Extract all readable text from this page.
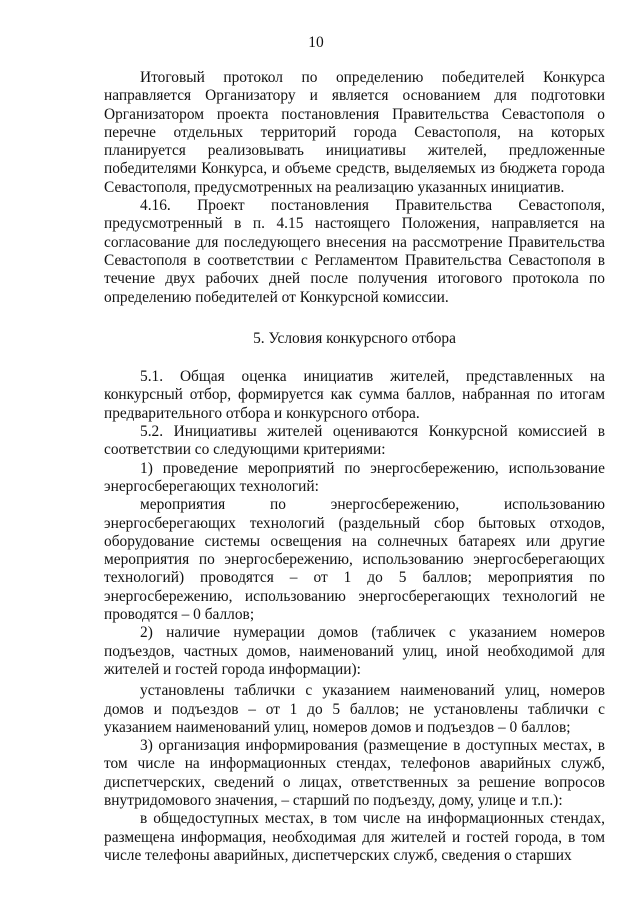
10

Итоговый протокол по определению победителей Конкурса направляется Организатору и является основанием для подготовки Организатором проекта постановления Правительства Севастополя о перечне отдельных территорий города Севастополя, на которых планируется реализовывать инициативы жителей, предложенные победителями Конкурса, и объеме средств, выделяемых из бюджета города Севастополя, предусмотренных на реализацию указанных инициатив.

4.16. Проект постановления Правительства Севастополя, предусмотренный в п. 4.15 настоящего Положения, направляется на согласование для последующего внесения на рассмотрение Правительства Севастополя в соответствии с Регламентом Правительства Севастополя в течение двух рабочих дней после получения итогового протокола по определению победителей от Конкурсной комиссии.

5. Условия конкурсного отбора

5.1. Общая оценка инициатив жителей, представленных на конкурсный отбор, формируется как сумма баллов, набранная по итогам предварительного отбора и конкурсного отбора.

5.2. Инициативы жителей оцениваются Конкурсной комиссией в соответствии со следующими критериями:

1) проведение мероприятий по энергосбережению, использование энергосберегающих технологий:

мероприятия по энергосбережению, использованию энергосберегающих технологий (раздельный сбор бытовых отходов, оборудование системы освещения на солнечных батареях или другие мероприятия по энергосбережению, использованию энергосберегающих технологий) проводятся – от 1 до 5 баллов; мероприятия по энергосбережению, использованию энергосберегающих технологий не проводятся – 0 баллов;

2) наличие нумерации домов (табличек с указанием номеров подъездов, частных домов, наименований улиц, иной необходимой для жителей и гостей города информации):

установлены таблички с указанием наименований улиц, номеров домов и подъездов – от 1 до 5 баллов; не установлены таблички с указанием наименований улиц, номеров домов и подъездов – 0 баллов;

3) организация информирования (размещение в доступных местах, в том числе на информационных стендах, телефонов аварийных служб, диспетчерских, сведений о лицах, ответственных за решение вопросов внутридомового значения, – старший по подъезду, дому, улице и т.п.):

в общедоступных местах, в том числе на информационных стендах, размещена информация, необходимая для жителей и гостей города, в том числе телефоны аварийных, диспетчерских служб, сведения о старших
